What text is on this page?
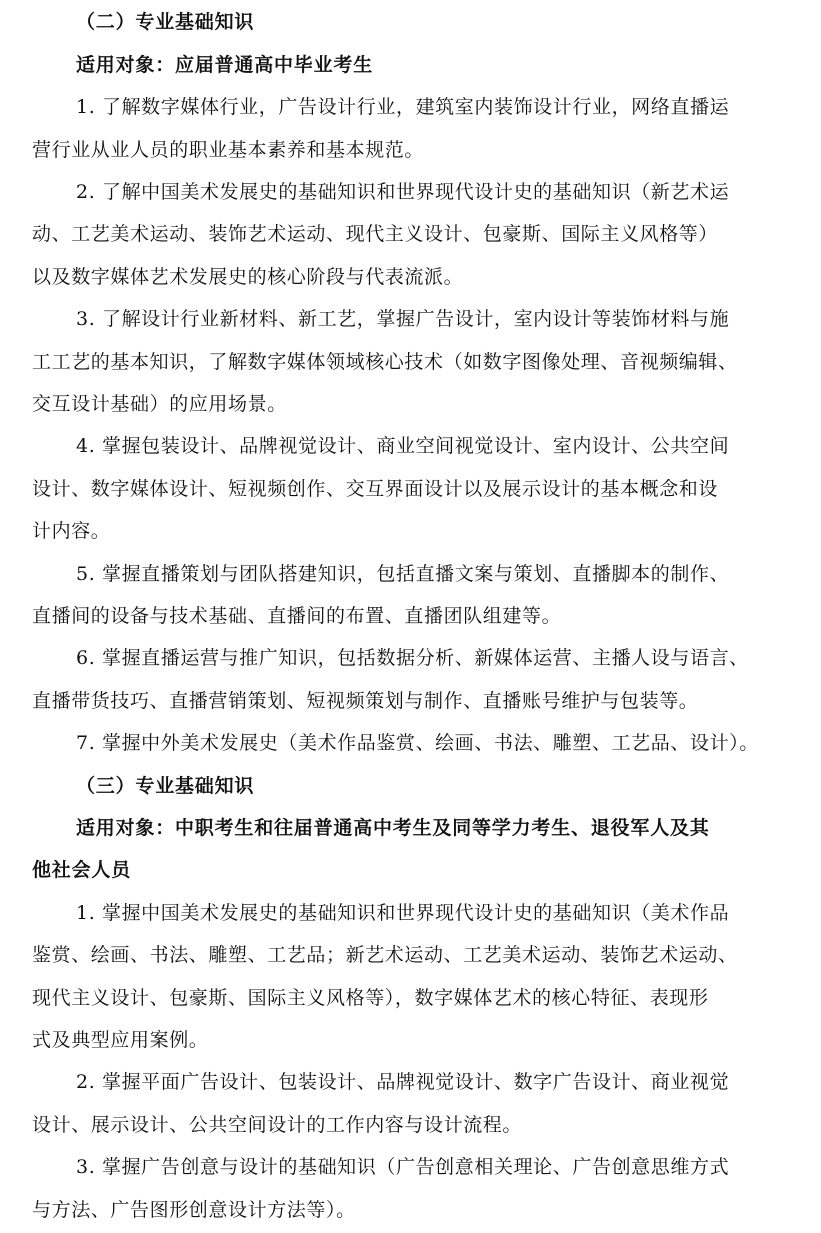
（二）专业基础知识
适用对象：应届普通高中毕业考生
1. 了解数字媒体行业，广告设计行业，建筑室内装饰设计行业，网络直播运
营行业从业人员的职业基本素养和基本规范。
2. 了解中国美术发展史的基础知识和世界现代设计史的基础知识（新艺术运
动、工艺美术运动、装饰艺术运动、现代主义设计、包豪斯、国际主义风格等）
以及数字媒体艺术发展史的核心阶段与代表流派。
3. 了解设计行业新材料、新工艺，掌握广告设计，室内设计等装饰材料与施
工工艺的基本知识，了解数字媒体领域核心技术（如数字图像处理、音视频编辑、
交互设计基础）的应用场景。
4. 掌握包装设计、品牌视觉设计、商业空间视觉设计、室内设计、公共空间
设计、数字媒体设计、短视频创作、交互界面设计以及展示设计的基本概念和设
计内容。
5. 掌握直播策划与团队搭建知识，包括直播文案与策划、直播脚本的制作、
直播间的设备与技术基础、直播间的布置、直播团队组建等。
6. 掌握直播运营与推广知识，包括数据分析、新媒体运营、主播人设与语言、
直播带货技巧、直播营销策划、短视频策划与制作、直播账号维护与包装等。
7. 掌握中外美术发展史（美术作品鉴赏、绘画、书法、雕塑、工艺品、设计）。
（三）专业基础知识
适用对象：中职考生和往届普通高中考生及同等学力考生、退役军人及其
他社会人员
1. 掌握中国美术发展史的基础知识和世界现代设计史的基础知识（美术作品
鉴赏、绘画、书法、雕塑、工艺品；新艺术运动、工艺美术运动、装饰艺术运动、
现代主义设计、包豪斯、国际主义风格等），数字媒体艺术的核心特征、表现形
式及典型应用案例。
2. 掌握平面广告设计、包装设计、品牌视觉设计、数字广告设计、商业视觉
设计、展示设计、公共空间设计的工作内容与设计流程。
3. 掌握广告创意与设计的基础知识（广告创意相关理论、广告创意思维方式
与方法、广告图形创意设计方法等）。
